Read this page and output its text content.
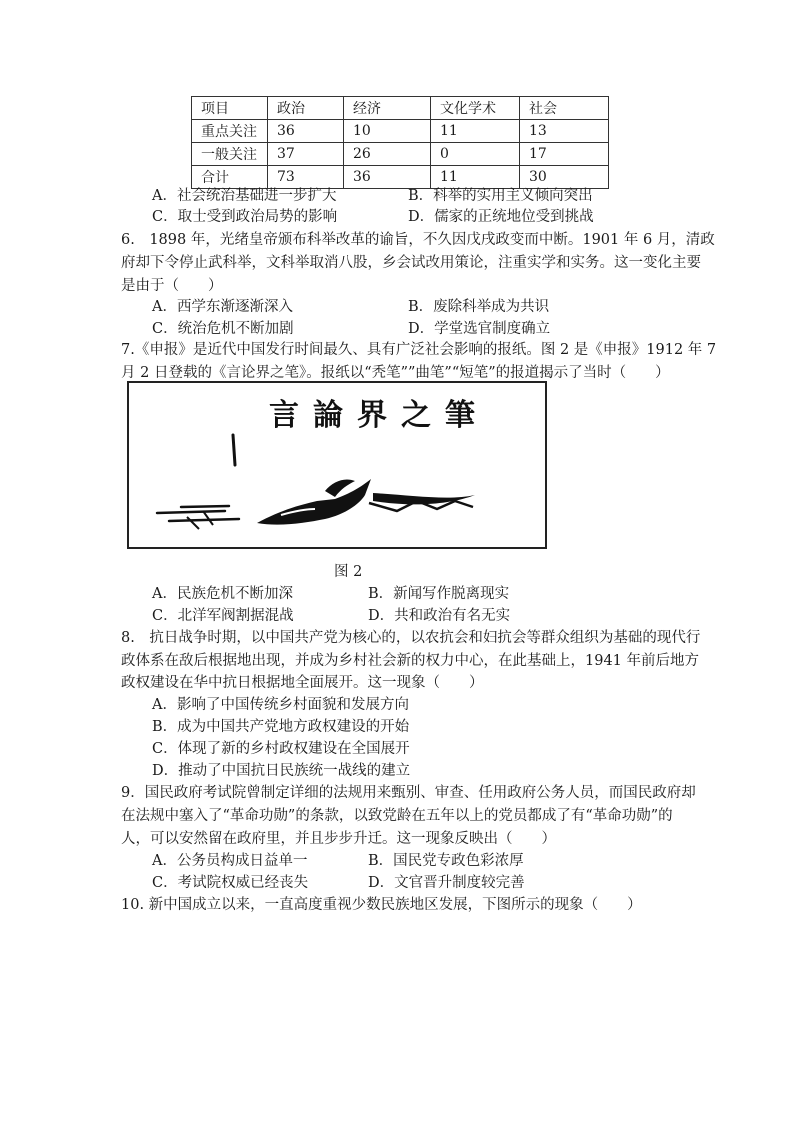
项目	政治	经济	文化学术	社会
重点关注	36	10	11	13
一般关注	37	26	0	17
合计	73	36	11	30
A．社会统治基础进一步扩大	B．科举的实用主义倾向突出
C．取士受到政治局势的影响	D．儒家的正统地位受到挑战
6.　1898 年，光绪皇帝颁布科举改革的谕旨，不久因戊戌政变而中断。1901 年 6 月，清政
府却下令停止武科举，文科举取消八股，乡会试改用策论，注重实学和实务。这一变化主要
是由于（　　）
A．西学东渐逐渐深入	B．废除科举成为共识
C．统治危机不断加剧	D．学堂选官制度确立
7.《申报》是近代中国发行时间最久、具有广泛社会影响的报纸。图 2 是《申报》1912 年 7
月 2 日登载的《言论界之笔》。报纸以“秃笔””曲笔”“短笔”的报道揭示了当时（　　）
言論界之筆
图 2
A．民族危机不断加深	B．新闻写作脱离现实
C．北洋军阀割据混战	D．共和政治有名无实
8.　抗日战争时期，以中国共产党为核心的，以农抗会和妇抗会等群众组织为基础的现代行
政体系在敌后根据地出现，并成为乡村社会新的权力中心，在此基础上，1941 年前后地方
政权建设在华中抗日根据地全面展开。这一现象（　　）
A．影响了中国传统乡村面貌和发展方向
B．成为中国共产党地方政权建设的开始
C．体现了新的乡村政权建设在全国展开
D．推动了中国抗日民族统一战线的建立
9．国民政府考试院曾制定详细的法规用来甄别、审查、任用政府公务人员，而国民政府却
在法规中塞入了“革命功勋”的条款，以致党龄在五年以上的党员都成了有“革命功勋”的
人，可以安然留在政府里，并且步步升迁。这一现象反映出（　　）
A．公务员构成日益单一	B．国民党专政色彩浓厚
C．考试院权威已经丧失	D．文官晋升制度较完善
10. 新中国成立以来，一直高度重视少数民族地区发展，下图所示的现象（　　）
